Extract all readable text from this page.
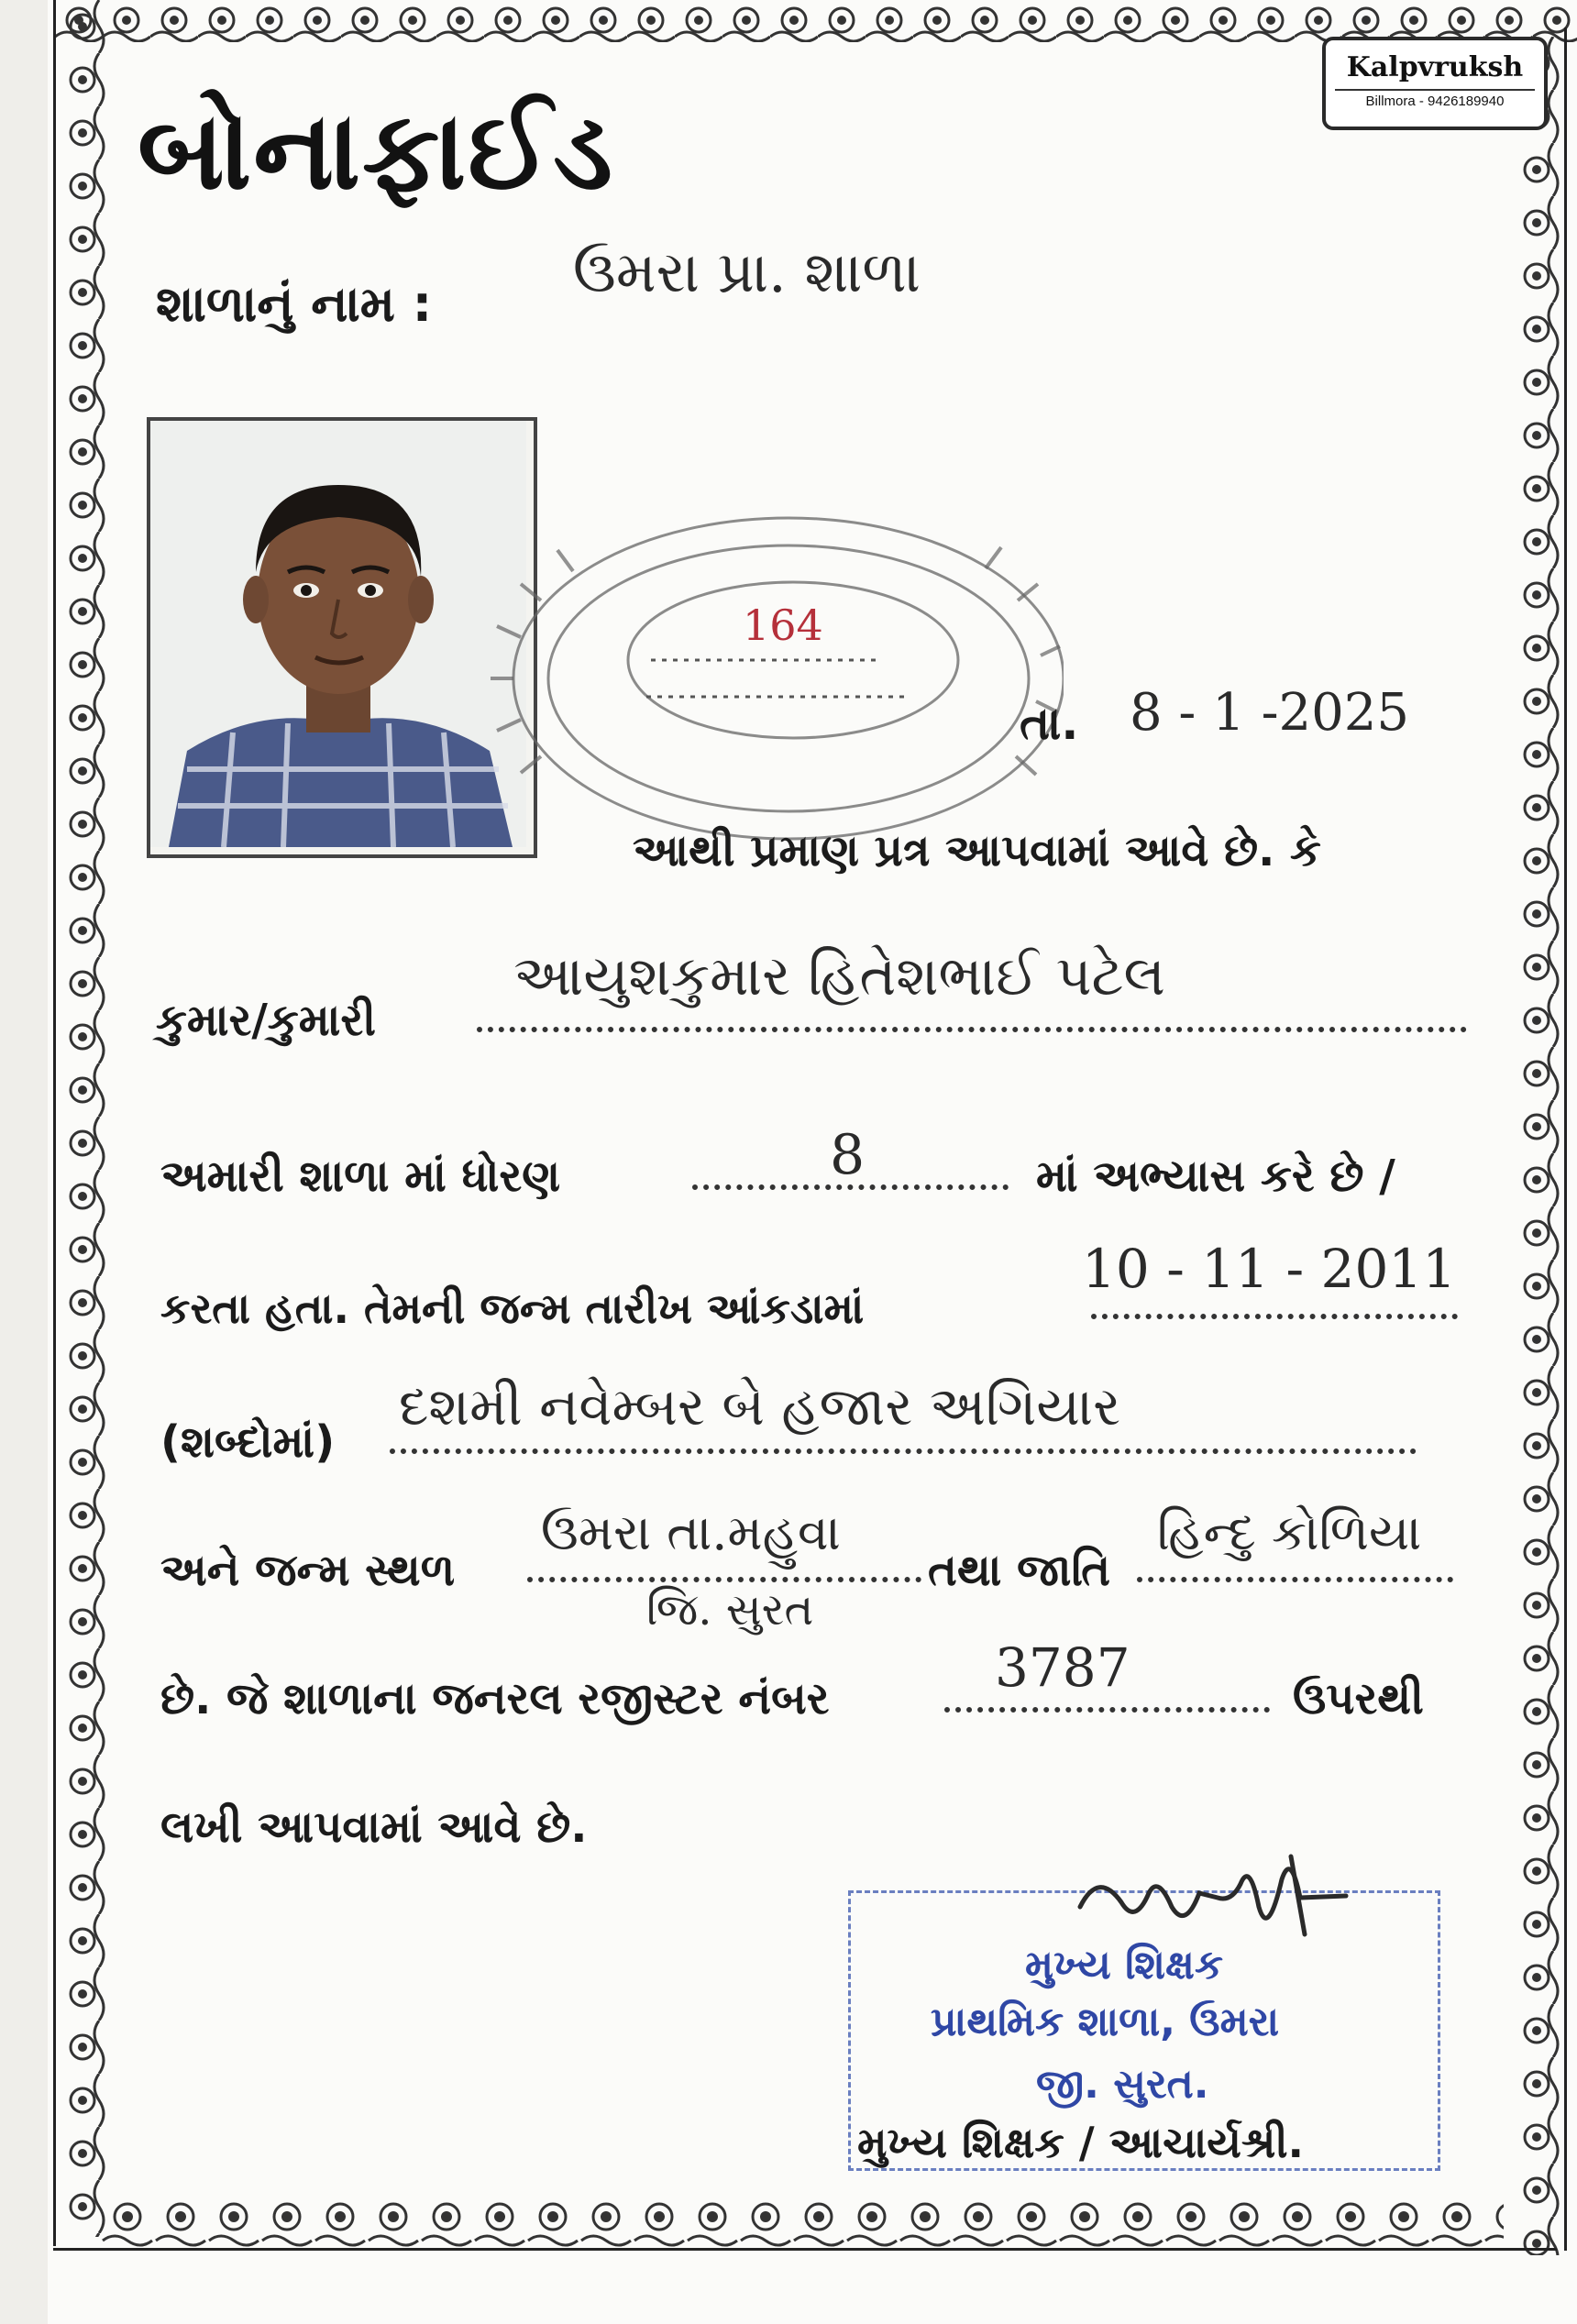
Kalpvruksh
Billmora - 9426189940
બોનાફાઈડ
શાળાનું નામ : ઉમરા પ્રા. શાળા
164
તા. 8 - 1 -2025
આથી પ્રમાણ પ્રત્ર આપવામાં આવે છે. કે
કુમાર/કુમારી
આયુશકુમાર હિતેશભાઈ પટેલ
અમારી શાળા માં ધોરણ	8	માં અભ્યાસ કરે છે /
કરતા હતા. તેમની જન્મ તારીખ આંકડામાં
10 - 11 - 2011
(શબ્દોમાં)
દશમી નવેમ્બર બે હજાર અગિયાર
અને જન્મ સ્થળ
ઉમરા તા.મહુવા
જિ. સુરત
તથા જાતિ
હિન્દુ કોળિયા
છે. જે શાળાના જનરલ રજીસ્ટર નંબર	3787	ઉપરથી
લખી આપવામાં આવે છે.
મુખ્ય શિક્ષક
પ્રાથમિક શાળા, ઉમરા
જી. સુરત.
મુખ્ય શિક્ષક / આચાર્યશ્રી.
